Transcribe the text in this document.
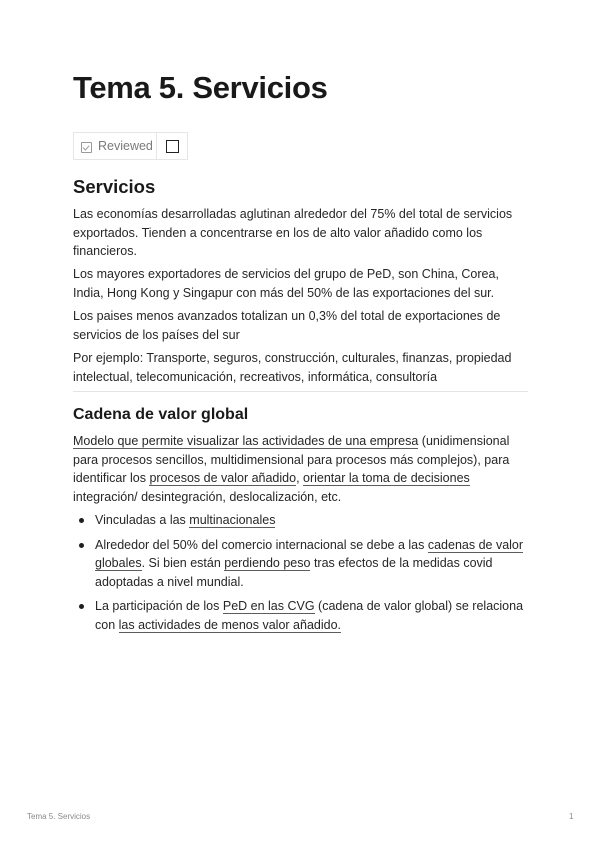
Tema 5. Servicios
Reviewed
Servicios

Las economías desarrolladas aglutinan alrededor del 75% del total de servicios exportados. Tienden a concentrarse en los de alto valor añadido como los financieros.

Los mayores exportadores de servicios del grupo de PeD, son China, Corea, India, Hong Kong y Singapur con más del 50% de las exportaciones del sur.

Los paises menos avanzados totalizan un 0,3% del total de exportaciones de servicios de los países del sur

Por ejemplo: Transporte, seguros, construcción, culturales, finanzas, propiedad intelectual, telecomunicación, recreativos, informática, consultoría

Cadena de valor global

Modelo que permite visualizar las actividades de una empresa (unidimensional para procesos sencillos, multidimensional para procesos más complejos), para identificar los procesos de valor añadido, orientar la toma de decisiones integración/ desintegración, deslocalización, etc.

Vinculadas a las multinacionales
Alrededor del 50% del comercio internacional se debe a las cadenas de valor globales. Si bien están perdiendo peso tras efectos de la medidas covid adoptadas a nivel mundial.
La participación de los PeD en las CVG (cadena de valor global) se relaciona con las actividades de menos valor añadido.
Tema 5. Servicios	1
